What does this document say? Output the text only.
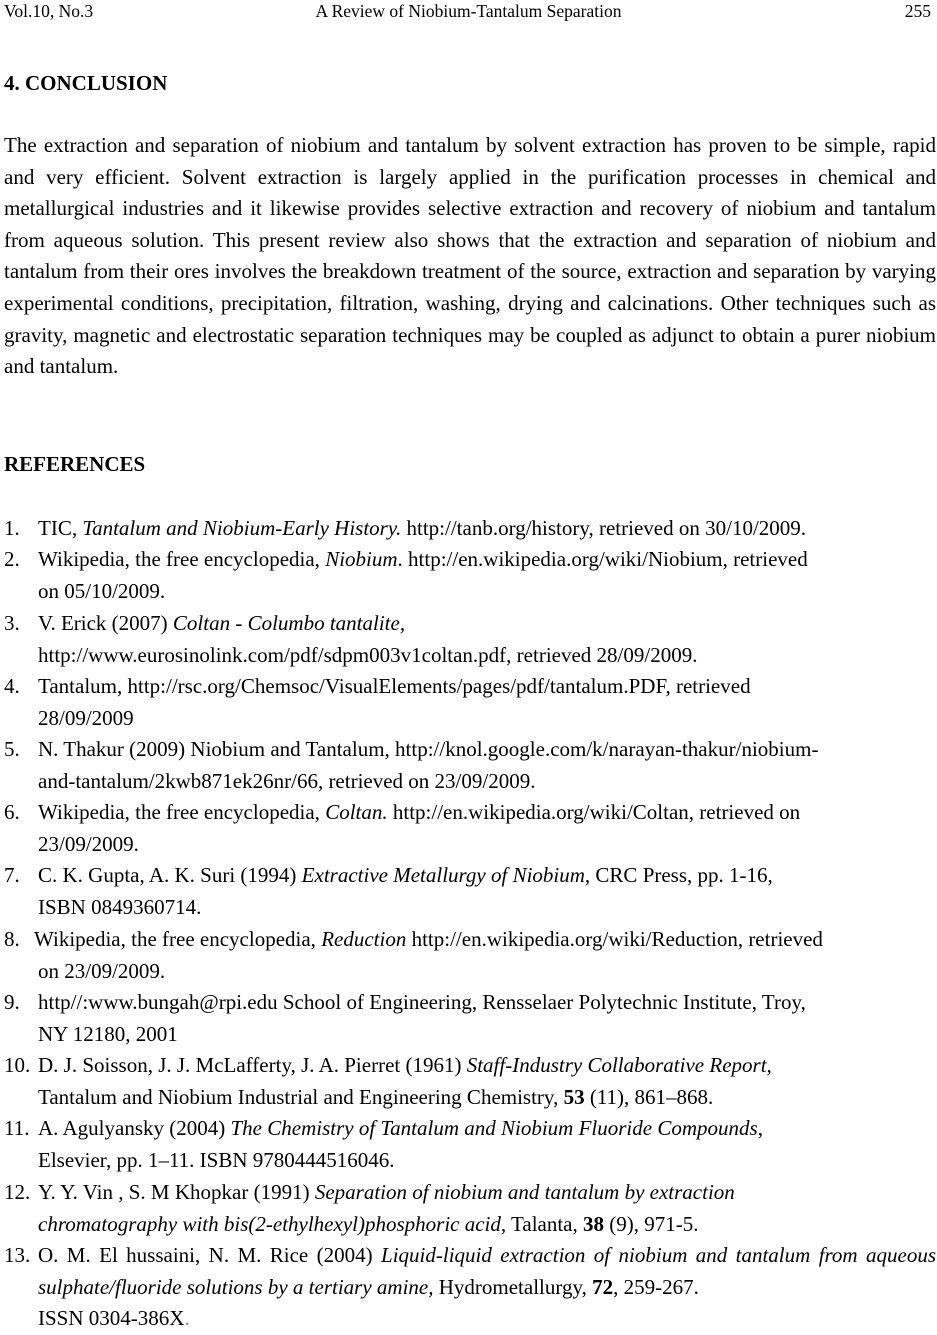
Vol.10, No.3	A Review of Niobium-Tantalum Separation	255
4. CONCLUSION

The extraction and separation of niobium and tantalum by solvent extraction has proven to be simple, rapid and very efficient. Solvent extraction is largely applied in the purification processes in chemical and metallurgical industries and it likewise provides selective extraction and recovery of niobium and tantalum from aqueous solution. This present review also shows that the extraction and separation of niobium and tantalum from their ores involves the breakdown treatment of the source, extraction and separation by varying experimental conditions, precipitation, filtration, washing, drying and calcinations. Other techniques such as gravity, magnetic and electrostatic separation techniques may be coupled as adjunct to obtain a purer niobium and tantalum.

REFERENCES
1. TIC, Tantalum and Niobium-Early History. http://tanb.org/history, retrieved on 30/10/2009.
2. Wikipedia, the free encyclopedia, Niobium. http://en.wikipedia.org/wiki/Niobium, retrieved
on 05/10/2009.
3. V. Erick (2007) Coltan - Columbo tantalite,
http://www.eurosinolink.com/pdf/sdpm003v1coltan.pdf, retrieved 28/09/2009.
4. Tantalum, http://rsc.org/Chemsoc/VisualElements/pages/pdf/tantalum.PDF, retrieved
28/09/2009
5. N. Thakur (2009) Niobium and Tantalum, http://knol.google.com/k/narayan-thakur/niobium-
and-tantalum/2kwb871ek26nr/66, retrieved on 23/09/2009.
6. Wikipedia, the free encyclopedia, Coltan. http://en.wikipedia.org/wiki/Coltan, retrieved on
23/09/2009.
7. C. K. Gupta, A. K. Suri (1994) Extractive Metallurgy of Niobium, CRC Press, pp. 1-16,
ISBN 0849360714.
8. Wikipedia, the free encyclopedia, Reduction http://en.wikipedia.org/wiki/Reduction, retrieved
on 23/09/2009.
9. http//:www.bungah@rpi.edu School of Engineering, Rensselaer Polytechnic Institute, Troy,
NY 12180, 2001
10. D. J. Soisson, J. J. McLafferty, J. A. Pierret (1961) Staff-Industry Collaborative Report,
Tantalum and Niobium Industrial and Engineering Chemistry, 53 (11), 861–868.
11. A. Agulyansky (2004) The Chemistry of Tantalum and Niobium Fluoride Compounds,
Elsevier, pp. 1–11. ISBN 9780444516046.
12. Y. Y. Vin , S. M Khopkar (1991) Separation of niobium and tantalum by extraction
chromatography with bis(2-ethylhexyl)phosphoric acid, Talanta, 38 (9), 971-5.
13. O. M. El hussaini, N. M. Rice (2004) Liquid-liquid extraction of niobium and tantalum from aqueous sulphate/fluoride solutions by a tertiary amine, Hydrometallurgy, 72, 259-267.
ISSN 0304-386X.
